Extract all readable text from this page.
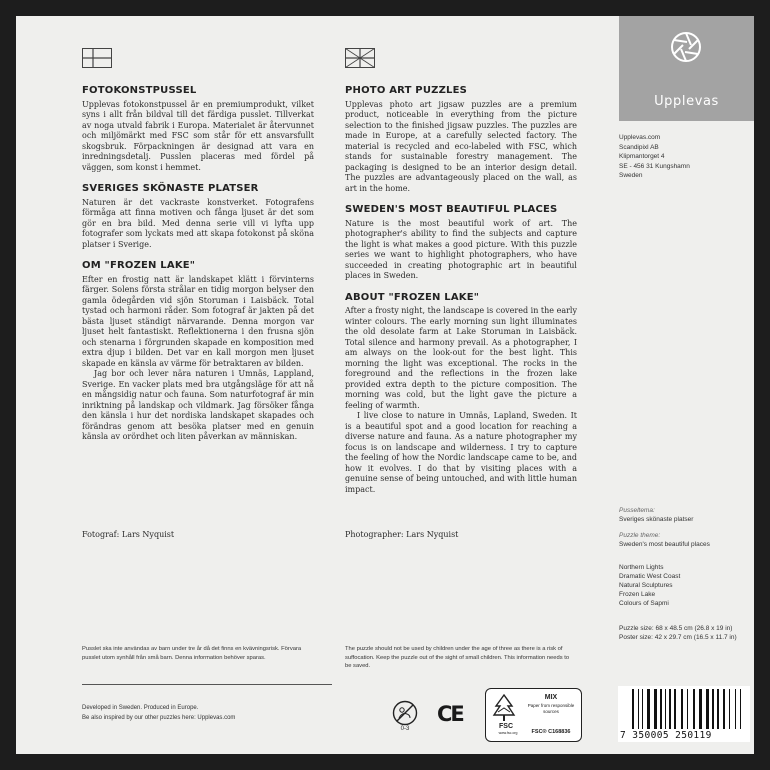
FOTOKONSTPUSSEL

Upplevas fotokonstpussel är en premiumprodukt, vilket syns i allt från bildval till det färdiga pusslet. Tillverkat av noga utvald fabrik i Europa. Materialet är återvunnet och miljömärkt med FSC som står för ett ansvarsfullt skogsbruk. Förpackningen är designad att vara en inredningsdetalj. Pusslen placeras med fördel på väggen, som konst i hemmet.

SVERIGES SKÖNASTE PLATSER

Naturen är det vackraste konstverket. Fotografens förmåga att finna motiven och fånga ljuset är det som gör en bra bild. Med denna serie vill vi lyfta upp fotografer som lyckats med att skapa fotokonst på sköna platser i Sverige.

OM "FROZEN LAKE"

Efter en frostig natt är landskapet klätt i förvinterns färger. Solens första strålar en tidig morgon belyser den gamla ödegården vid sjön Storuman i Laisbäck. Total tystad och harmoni råder. Som fotograf är jakten på det bästa ljuset ständigt närvarande. Denna morgon var ljuset helt fantastiskt. Reflektionerna i den frusna sjön och stenarna i förgrunden skapade en komposition med extra djup i bilden. Det var en kall morgon men ljuset skapade en känsla av värme för betraktaren av bilden.

Jag bor och lever nära naturen i Umnäs, Lappland, Sverige. En vacker plats med bra utgångsläge för att nå en mångsidig natur och fauna. Som naturfotograf är min inriktning på landskap och vildmark. Jag försöker fånga den känsla i hur det nordiska landskapet skapades och förändras genom att besöka platser med en genuin känsla av orördhet och liten påverkan av människan.

Fotograf: Lars Nyquist
PHOTO ART PUZZLES

Upplevas photo art jigsaw puzzles are a premium product, noticeable in everything from the picture selection to the finished jigsaw puzzles. The puzzles are made in Europe, at a carefully selected factory. The material is recycled and eco-labeled with FSC, which stands for sustainable forestry management. The packaging is designed to be an interior design detail. The puzzles are advantageously placed on the wall, as art in the home.

SWEDEN'S MOST BEAUTIFUL PLACES

Nature is the most beautiful work of art. The photographer's ability to find the subjects and capture the light is what makes a good picture. With this puzzle series we want to highlight photographers, who have succeeded in creating photographic art in beautiful places in Sweden.

ABOUT "FROZEN LAKE"

After a frosty night, the landscape is covered in the early winter colours. The early morning sun light illuminates the old desolate farm at Lake Storuman in Laisbäck. Total silence and harmony prevail. As a photographer, I am always on the look-out for the best light. This morning the light was exceptional. The rocks in the foreground and the reflections in the frozen lake provided extra depth to the picture composition. The morning was cold, but the light gave the picture a feeling of warmth.

I live close to nature in Umnäs, Lapland, Sweden. It is a beautiful spot and a good location for reaching a diverse nature and fauna. As a nature photographer my focus is on landscape and wilderness. I try to capture the feeling of how the Nordic landscape came to be, and how it evolves. I do that by visiting places with a genuine sense of being untouched, and with little human impact.

Photographer: Lars Nyquist
Upplevas
Upplevas.com
Scandipixl AB
Klipmantorget 4
SE - 456 31 Kungshamn
Sweden
Pusseltema:
Sveriges skönaste platser
Puzzle theme:
Sweden's most beautiful places
Northern Lights
Dramatic West Coast
Natural Sculptures
Frozen Lake
Colours of Sapmi
Puzzle size: 68 x 48.5 cm (26.8 x 19 in)
Poster size: 42 x 29.7 cm (16.5 x 11.7 in)
Pusslet ska inte användas av barn under tre år då det finns en kvävningsrisk. Förvara pusslet utom synhåll från små barn. Denna information behöver sparas.
The puzzle should not be used by children under the age of three as there is a risk of suffocation. Keep the puzzle out of the sight of small children. This information needs to be saved.
Developed in Sweden. Produced in Europe.
Be also inspired by our other puzzles here: Upplevas.com
0-3
CE
FSC
www.fsc.org
MIX
Paper from responsible sources
FSC® C168836	7 350005 250119
